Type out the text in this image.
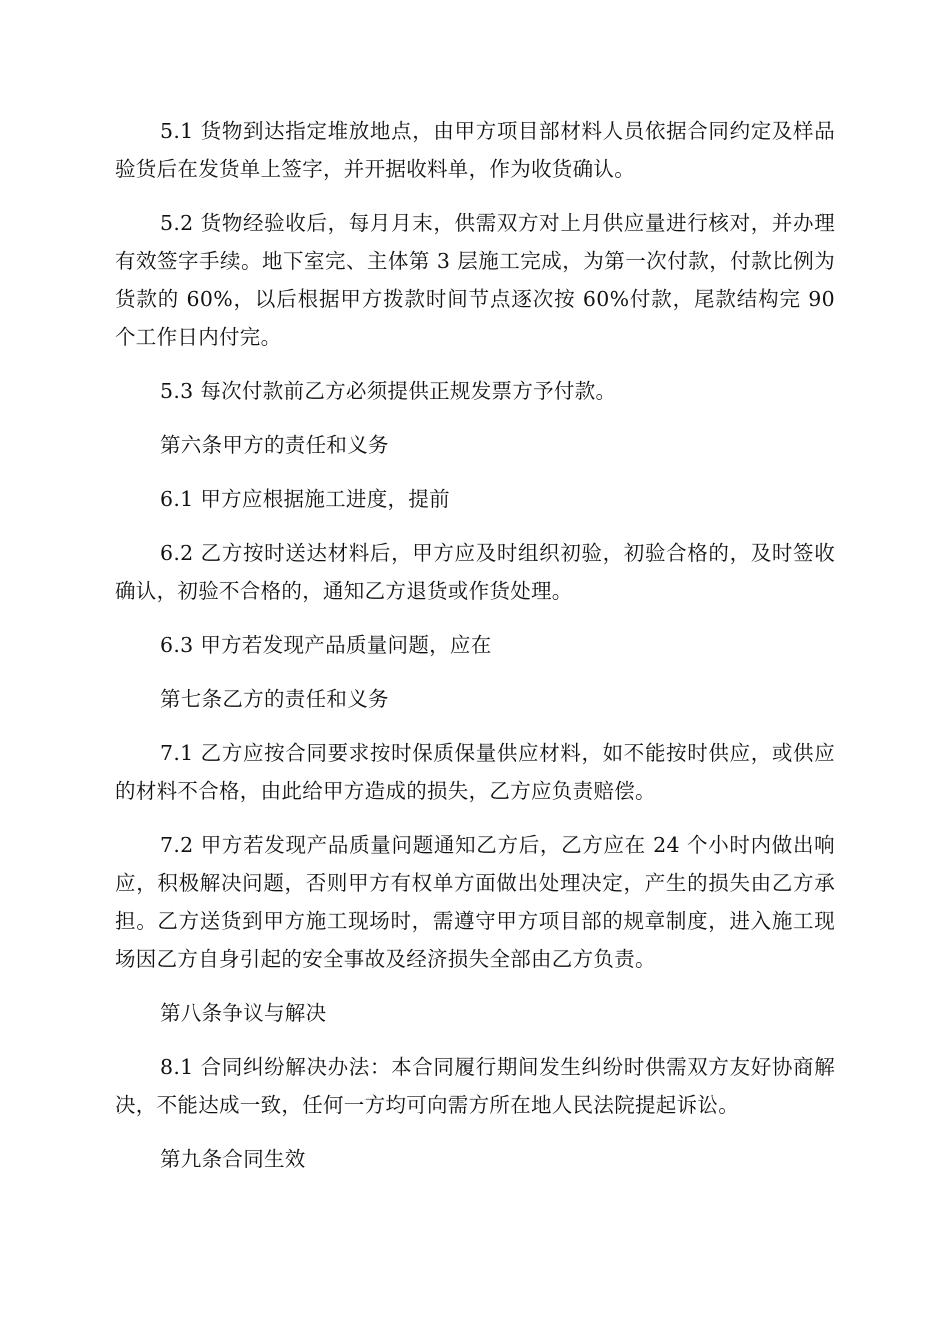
5.1 货物到达指定堆放地点，由甲方项目部材料人员依据合同约定及样品验货后在发货单上签字，并开据收料单，作为收货确认。

5.2 货物经验收后，每月月末，供需双方对上月供应量进行核对，并办理有效签字手续。地下室完、主体第 3 层施工完成，为第一次付款，付款比例为货款的 60%，以后根据甲方拨款时间节点逐次按 60%付款，尾款结构完 90 个工作日内付完。

5.3 每次付款前乙方必须提供正规发票方予付款。

第六条甲方的责任和义务

6.1 甲方应根据施工进度，提前

6.2 乙方按时送达材料后，甲方应及时组织初验，初验合格的，及时签收确认，初验不合格的，通知乙方退货或作货处理。

6.3 甲方若发现产品质量问题，应在

第七条乙方的责任和义务

7.1 乙方应按合同要求按时保质保量供应材料，如不能按时供应，或供应的材料不合格，由此给甲方造成的损失，乙方应负责赔偿。

7.2 甲方若发现产品质量问题通知乙方后，乙方应在 24 个小时内做出响应，积极解决问题，否则甲方有权单方面做出处理决定，产生的损失由乙方承担。乙方送货到甲方施工现场时，需遵守甲方项目部的规章制度，进入施工现场因乙方自身引起的安全事故及经济损失全部由乙方负责。

第八条争议与解决

8.1 合同纠纷解决办法：本合同履行期间发生纠纷时供需双方友好协商解决，不能达成一致，任何一方均可向需方所在地人民法院提起诉讼。

第九条合同生效
